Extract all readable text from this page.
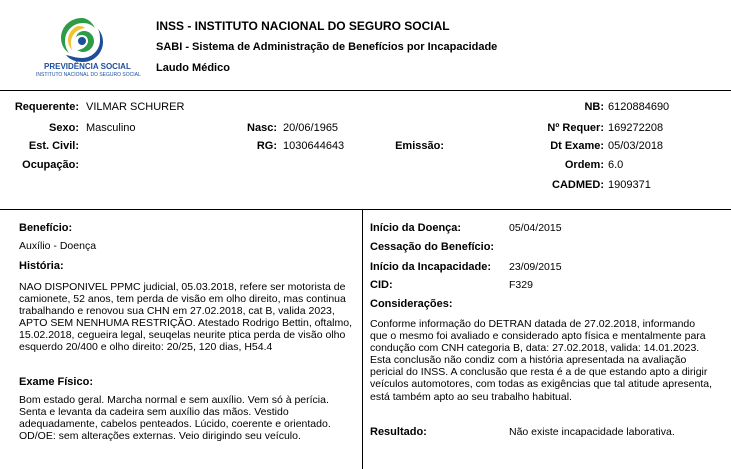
PREVIDÊNCIA SOCIAL
INSTITUTO NACIONAL DO SEGURO SOCIAL
INSS - INSTITUTO NACIONAL DO SEGURO SOCIAL
SABI - Sistema de Administração de Benefícios por Incapacidade
Laudo Médico
Requerente: VILMAR SCHURER
Sexo: Masculino
Est. Civil:
Ocupação:
Nasc: 20/06/1965
RG: 1030644643	Emissão:
NB: 6120884690
Nº Requer: 169272208
Dt Exame: 05/03/2018
Ordem: 6.0
CADMED: 1909371
Benefício:
Auxílio - Doença
História:
NAO DISPONIVEL PPMC judicial, 05.03.2018, refere ser motorista de camionete, 52 anos, tem perda de visão em olho direito, mas continua trabalhando e renovou sua CHN em 27.02.2018, cat B, valida 2023, APTO SEM NENHUMA RESTRIÇÃO. Atestado Rodrigo Bettin, oftalmo, 15.02.2018, cegueira legal, seuqelas neurite ptica perda de visão olho esquerdo 20/400 e olho direito: 20/25, 120 dias, H54.4
Exame Físico:
Bom estado geral. Marcha normal e sem auxílio. Vem só à perícia. Senta e levanta da cadeira sem auxílio das mãos. Vestido adequadamente, cabelos penteados. Lúcido, coerente e orientado. OD/OE: sem alterações externas. Veio dirigindo seu veículo.
Início da Doença:	05/04/2015
Cessação do Benefício:
Início da Incapacidade: 23/09/2015
CID:	F329
Considerações:
Conforme informação do DETRAN datada de 27.02.2018, informando que o mesmo foi avaliado e considerado apto física e mentalmente para condução com CNH categoria B, data: 27.02.2018, valida: 14.01.2023. Esta conclusão não condiz com a história apresentada na avaliação pericial do INSS. A conclusão que resta é a de que estando apto a dirigir veículos automotores, com todas as exigências que tal atitude apresenta, está também apto ao seu trabalho habitual.
Resultado:	Não existe incapacidade laborativa.
